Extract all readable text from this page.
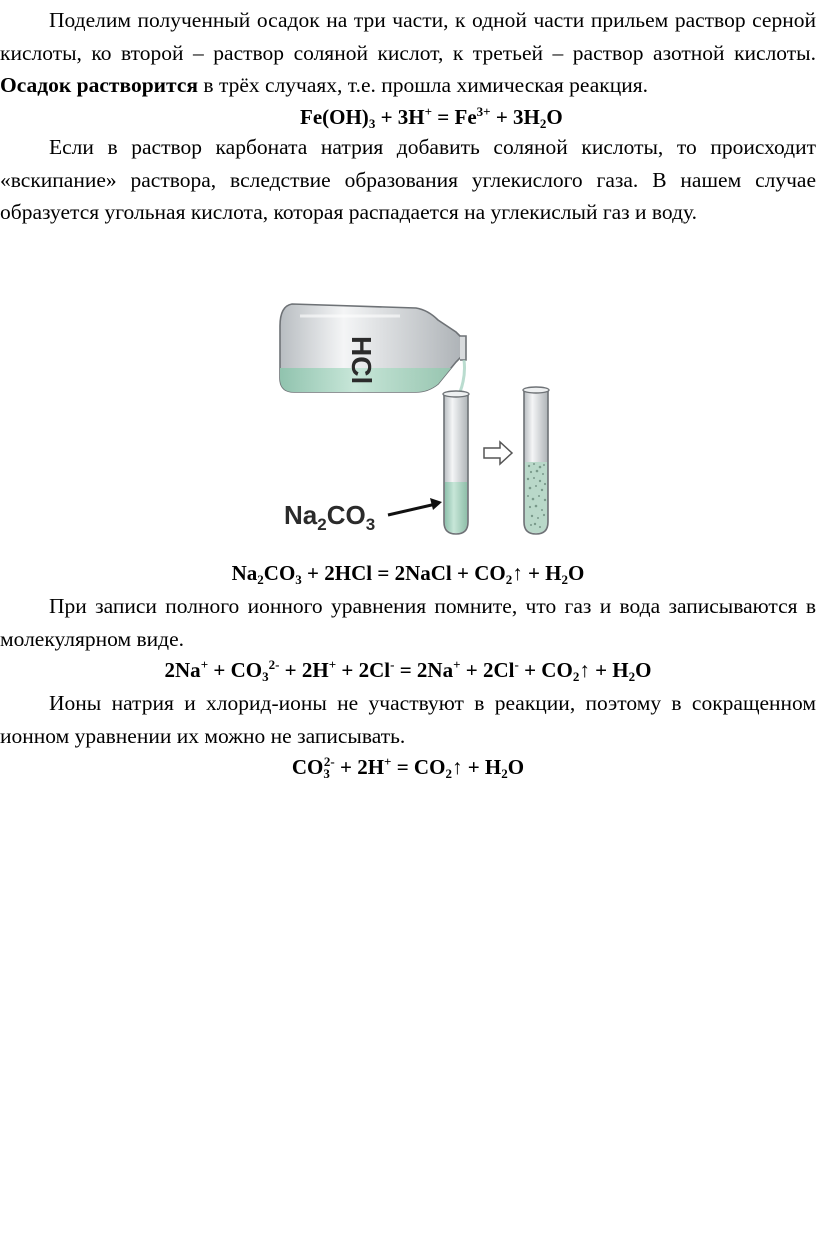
Поделим полученный осадок на три части, к одной части прильем раствор серной кислоты, ко второй – раствор соляной кислот, к третьей – раствор азотной кислоты. Осадок растворится в трёх случаях, т.е. прошла химическая реакция.

$Fe(OH)_3 + 3H^+ = Fe^{3+} + 3H_2O$

Если в раствор карбоната натрия добавить соляной кислоты, то происходит «вскипание» раствора, вследствие образования углекислого газа. В нашем случае образуется угольная кислота, которая распадается на углекислый газ и воду.

HCl
$Na_2CO_3$
$Na_2CO_3 + 2HCl$ = 2NaCl + $CO_2↑ + H_2O$

При записи полного ионного уравнения помните, что газ и вода записываются в молекулярном виде.

$2Na^+ + CO_3^{2-} + 2H^+ + 2Cl^- = 2Na^+ + 2Cl^-$ + $CO_2↑ + H_2O$

Ионы натрия и хлорид-ионы не участвуют в реакции, поэтому в сокращенном ионном уравнении их можно не записывать.

$CO_3^{2-} + 2H^+$ = $CO_2↑ + H_2O$
